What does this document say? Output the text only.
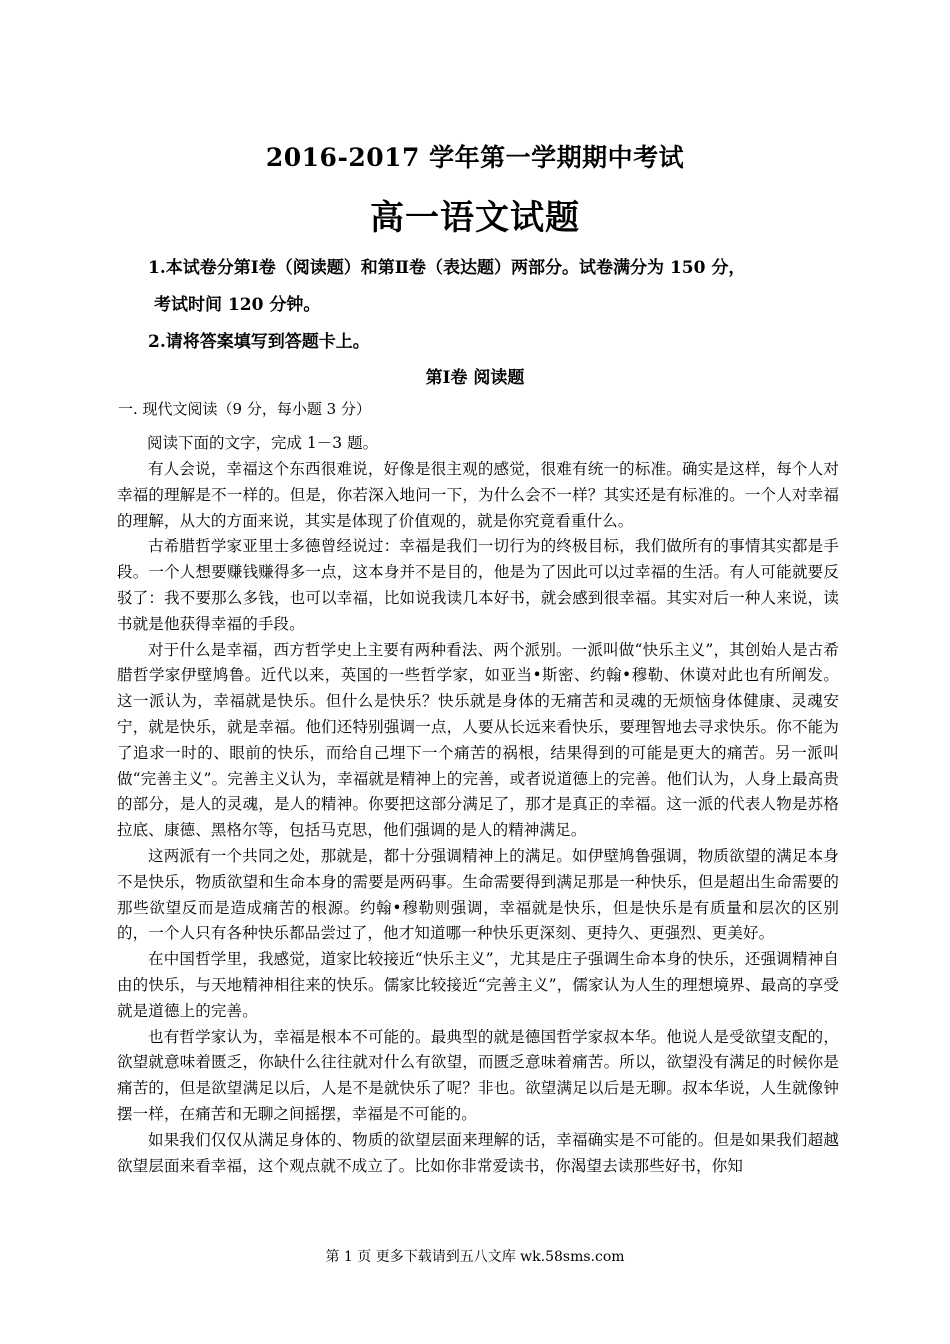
2016-2017 学年第一学期期中考试
高一语文试题
1.本试卷分第Ⅰ卷（阅读题）和第Ⅱ卷（表达题）两部分。试卷满分为 150 分，
考试时间 120 分钟。
2.请将答案填写到答题卡上。
第Ⅰ卷 阅读题
一. 现代文阅读（9 分，每小题 3 分）
阅读下面的文字，完成 1－3 题。

有人会说，幸福这个东西很难说，好像是很主观的感觉，很难有统一的标准。确实是这样，每个人对幸福的理解是不一样的。但是，你若深入地问一下，为什么会不一样？其实还是有标准的。一个人对幸福的理解，从大的方面来说，其实是体现了价值观的，就是你究竟看重什么。

古希腊哲学家亚里士多德曾经说过：幸福是我们一切行为的终极目标，我们做所有的事情其实都是手段。一个人想要赚钱赚得多一点，这本身并不是目的，他是为了因此可以过幸福的生活。有人可能就要反驳了：我不要那么多钱，也可以幸福，比如说我读几本好书，就会感到很幸福。其实对后一种人来说，读书就是他获得幸福的手段。

对于什么是幸福，西方哲学史上主要有两种看法、两个派别。一派叫做“快乐主义”，其创始人是古希腊哲学家伊壁鸠鲁。近代以来，英国的一些哲学家，如亚当•斯密、约翰•穆勒、休谟对此也有所阐发。这一派认为，幸福就是快乐。但什么是快乐？快乐就是身体的无痛苦和灵魂的无烦恼身体健康、灵魂安宁，就是快乐，就是幸福。他们还特别强调一点，人要从长远来看快乐，要理智地去寻求快乐。你不能为了追求一时的、眼前的快乐，而给自己埋下一个痛苦的祸根，结果得到的可能是更大的痛苦。另一派叫做“完善主义”。完善主义认为，幸福就是精神上的完善，或者说道德上的完善。他们认为，人身上最高贵的部分，是人的灵魂，是人的精神。你要把这部分满足了，那才是真正的幸福。这一派的代表人物是苏格拉底、康德、黑格尔等，包括马克思，他们强调的是人的精神满足。

这两派有一个共同之处，那就是，都十分强调精神上的满足。如伊壁鸠鲁强调，物质欲望的满足本身不是快乐，物质欲望和生命本身的需要是两码事。生命需要得到满足那是一种快乐，但是超出生命需要的那些欲望反而是造成痛苦的根源。约翰•穆勒则强调，幸福就是快乐，但是快乐是有质量和层次的区别的，一个人只有各种快乐都品尝过了，他才知道哪一种快乐更深刻、更持久、更强烈、更美好。

在中国哲学里，我感觉，道家比较接近“快乐主义”，尤其是庄子强调生命本身的快乐，还强调精神自由的快乐，与天地精神相往来的快乐。儒家比较接近“完善主义”，儒家认为人生的理想境界、最高的享受就是道德上的完善。

也有哲学家认为，幸福是根本不可能的。最典型的就是德国哲学家叔本华。他说人是受欲望支配的，欲望就意味着匮乏，你缺什么往往就对什么有欲望，而匮乏意味着痛苦。所以，欲望没有满足的时候你是痛苦的，但是欲望满足以后，人是不是就快乐了呢？非也。欲望满足以后是无聊。叔本华说，人生就像钟摆一样，在痛苦和无聊之间摇摆，幸福是不可能的。

如果我们仅仅从满足身体的、物质的欲望层面来理解的话，幸福确实是不可能的。但是如果我们超越欲望层面来看幸福，这个观点就不成立了。比如你非常爱读书，你渴望去读那些好书，你知

第 1 页 更多下载请到五八文库 wk.58sms.com
